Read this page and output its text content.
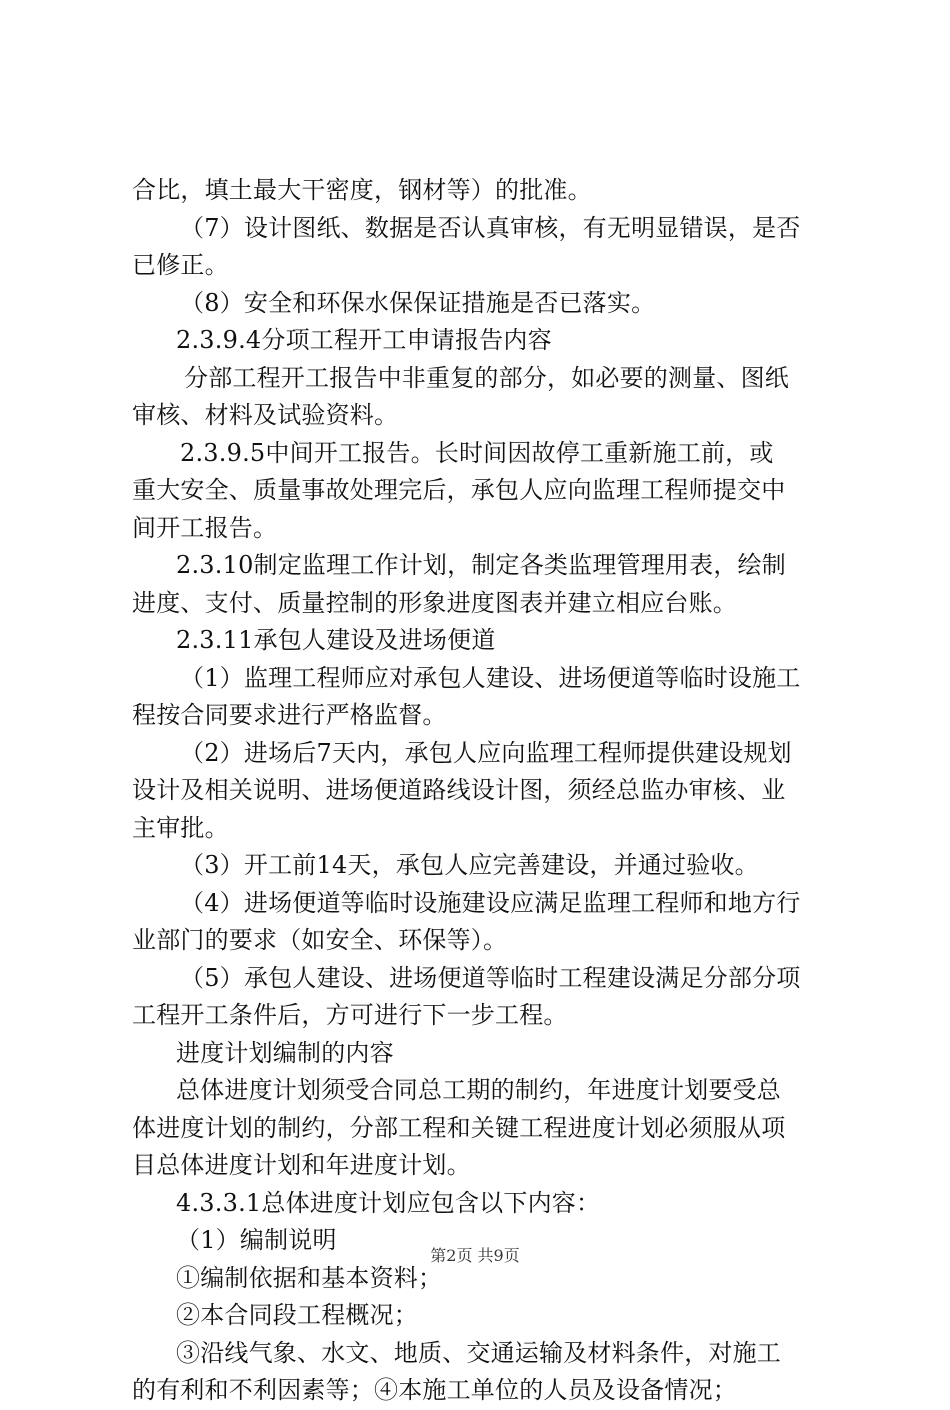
合比，填土最大干密度，钢材等）的批准。
（7）设计图纸、数据是否认真审核，有无明显错误，是否
已修正。
（8）安全和环保水保保证措施是否已落实。
2.3.9.4分项工程开工申请报告内容
分部工程开工报告中非重复的部分，如必要的测量、图纸
审核、材料及试验资料。
2.3.9.5中间开工报告。长时间因故停工重新施工前，或
重大安全、质量事故处理完后，承包人应向监理工程师提交中
间开工报告。
2.3.10制定监理工作计划，制定各类监理管理用表，绘制
进度、支付、质量控制的形象进度图表并建立相应台账。
2.3.11承包人建设及进场便道
（1）监理工程师应对承包人建设、进场便道等临时设施工
程按合同要求进行严格监督。
（2）进场后7天内，承包人应向监理工程师提供建设规划
设计及相关说明、进场便道路线设计图，须经总监办审核、业
主审批。
（3）开工前14天，承包人应完善建设，并通过验收。
（4）进场便道等临时设施建设应满足监理工程师和地方行
业部门的要求（如安全、环保等）。
（5）承包人建设、进场便道等临时工程建设满足分部分项
工程开工条件后，方可进行下一步工程。
进度计划编制的内容
总体进度计划须受合同总工期的制约，年进度计划要受总
体进度计划的制约，分部工程和关键工程进度计划必须服从项
目总体进度计划和年进度计划。
4.3.3.1总体进度计划应包含以下内容：
（1）编制说明
①编制依据和基本资料；
②本合同段工程概况；
③沿线气象、水文、地质、交通运输及材料条件，对施工
的有利和不利因素等；④本施工单位的人员及设备情况；
第2页 共9页
